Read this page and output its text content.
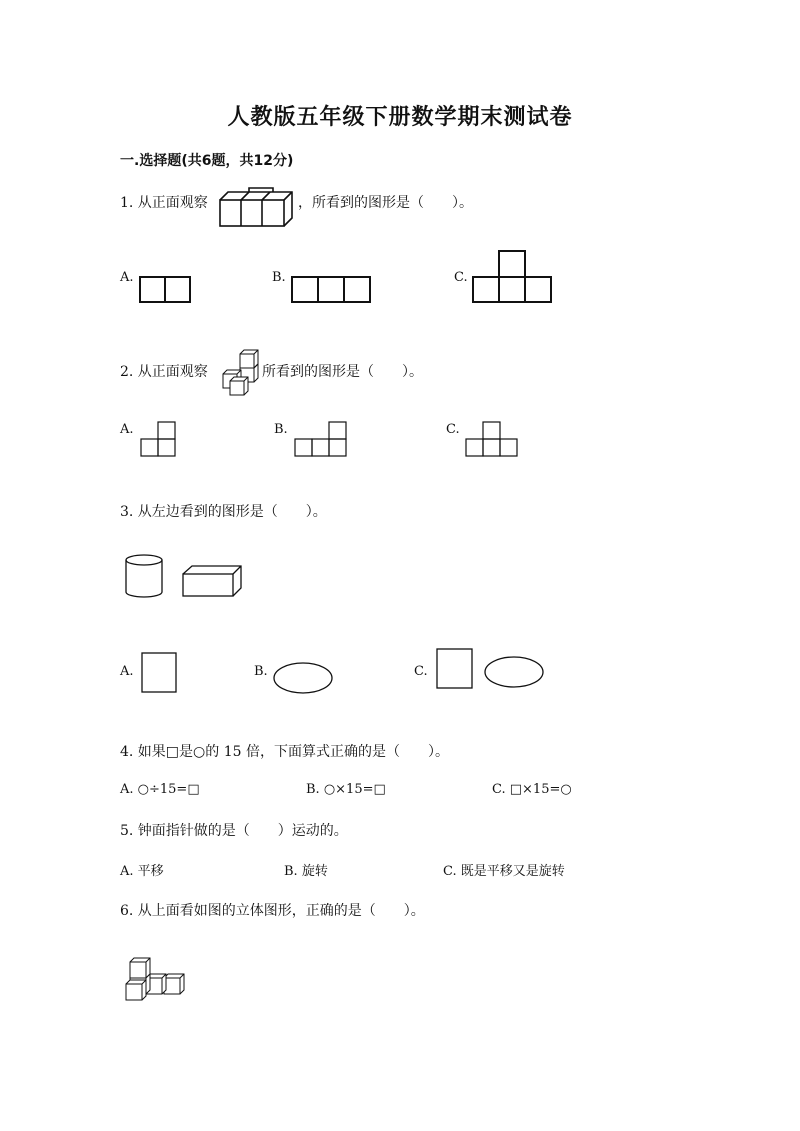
人教版五年级下册数学期末测试卷
一.选择题(共6题，共12分)
1. 从正面观察	，所看到的图形是（　　）。
A.	B.	C.
2. 从正面观察	所看到的图形是（　　）。
A.	B.	C.
3. 从左边看到的图形是（　　）。
A.	B.	C.
4. 如果□是○的 15 倍，下面算式正确的是（　　）。
A. ○÷15=□	B. ○×15=□	C. □×15=○
5. 钟面指针做的是（　　）运动的。
A. 平移	B. 旋转	C. 既是平移又是旋转
6. 从上面看如图的立体图形，正确的是（　　）。
